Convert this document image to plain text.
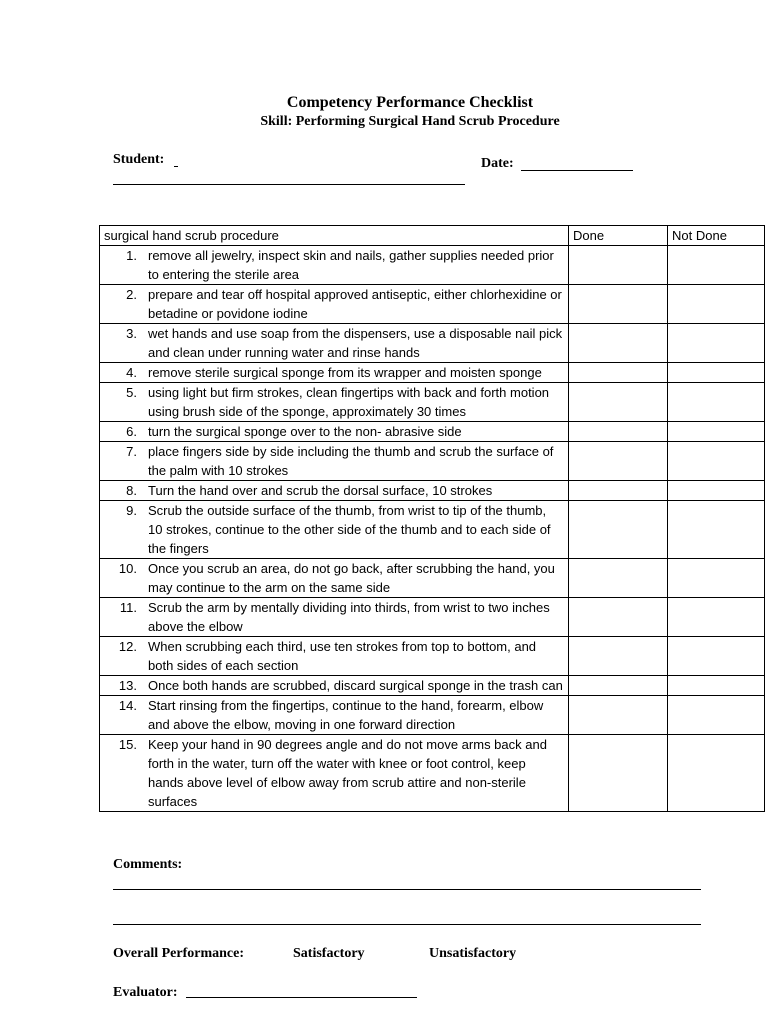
Competency Performance Checklist
Skill: Performing Surgical Hand Scrub Procedure
Student:	Date:
surgical hand scrub procedure	Done	Not Done

1. remove all jewelry, inspect skin and nails, gather supplies needed prior to entering the sterile area		

2. prepare and tear off hospital approved antiseptic, either chlorhexidine or betadine or povidone iodine		

3. wet hands and use soap from the dispensers, use a disposable nail pick and clean under running water and rinse hands		

4. remove sterile surgical sponge from its wrapper and moisten sponge		

5. using light but firm strokes, clean fingertips with back and forth motion using brush side of the sponge, approximately 30 times		

6. turn the surgical sponge over to the non- abrasive side		

7. place fingers side by side including the thumb and scrub the surface of the palm with 10 strokes		

8. Turn the hand over and scrub the dorsal surface, 10 strokes		

9. Scrub the outside surface of the thumb, from wrist to tip of the thumb, 10 strokes, continue to the other side of the thumb and to each side of the fingers		

10. Once you scrub an area, do not go back, after scrubbing the hand, you may continue to the arm on the same side		

11. Scrub the arm by mentally dividing into thirds, from wrist to two inches above the elbow		

12. When scrubbing each third, use ten strokes from top to bottom, and both sides of each section		

13. Once both hands are scrubbed, discard surgical sponge in the trash can		

14. Start rinsing from the fingertips, continue to the hand, forearm, elbow and above the elbow, moving in one forward direction		

15. Keep your hand in 90 degrees angle and do not move arms back and forth in the water, turn off the water with knee or foot control, keep hands above level of elbow away from scrub attire and non-sterile surfaces		

Comments:
Overall Performance:	Satisfactory	Unsatisfactory
Evaluator:
